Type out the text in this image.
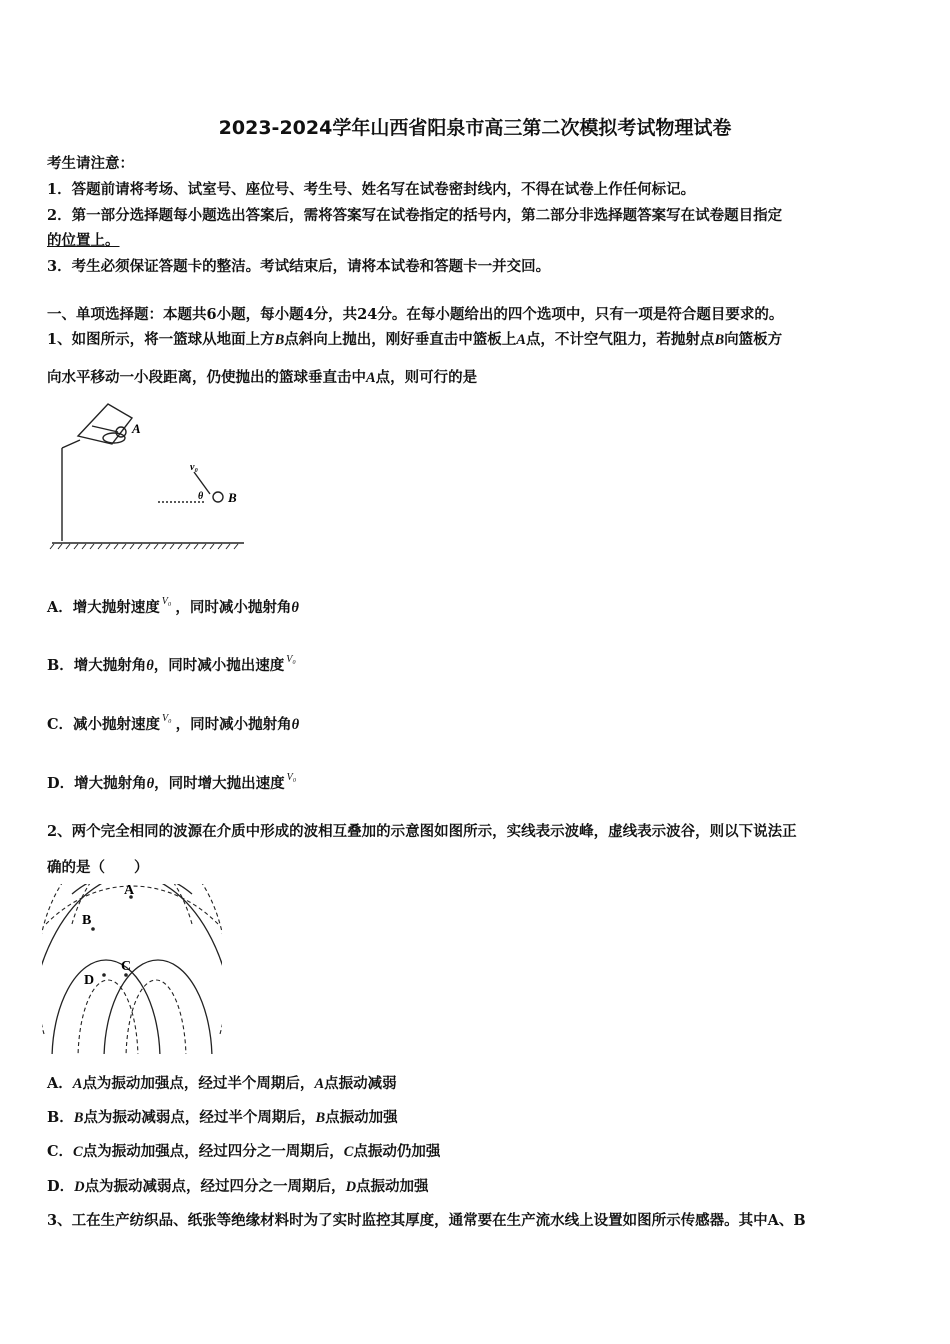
2023-2024学年山西省阳泉市高三第二次模拟考试物理试卷
考生请注意：
1．答题前请将考场、试室号、座位号、考生号、姓名写在试卷密封线内，不得在试卷上作任何标记。
2．第一部分选择题每小题选出答案后，需将答案写在试卷指定的括号内，第二部分非选择题答案写在试卷题目指定
的位置上。
3．考生必须保证答题卡的整洁。考试结束后，请将本试卷和答题卡一并交回。
一、单项选择题：本题共6小题，每小题4分，共24分。在每小题给出的四个选项中，只有一项是符合题目要求的。
1、如图所示，将一篮球从地面上方B点斜向上抛出，刚好垂直击中篮板上A点，不计空气阻力，若抛射点B向篮板方
向水平移动一小段距离，仍使抛出的篮球垂直击中A点，则可行的是
A
B
v₀
θ
A．增大抛射速度 $^{V_0}$ ，同时减小抛射角θ
B．增大抛射角θ，同时减小抛出速度 $^{V_0}$
C．减小抛射速度 $^{V_0}$ ，同时减小抛射角θ
D．增大抛射角θ，同时增大抛出速度 $^{V_0}$
2、两个完全相同的波源在介质中形成的波相互叠加的示意图如图所示，实线表示波峰，虚线表示波谷，则以下说法正
确的是（　　）
A
B
C
D
A．A点为振动加强点，经过半个周期后，A点振动减弱
B．B点为振动减弱点，经过半个周期后，B点振动加强
C．C点为振动加强点，经过四分之一周期后，C点振动仍加强
D．D点为振动减弱点，经过四分之一周期后，D点振动加强
3、工在生产纺织品、纸张等绝缘材料时为了实时监控其厚度，通常要在生产流水线上设置如图所示传感器。其中A、B
